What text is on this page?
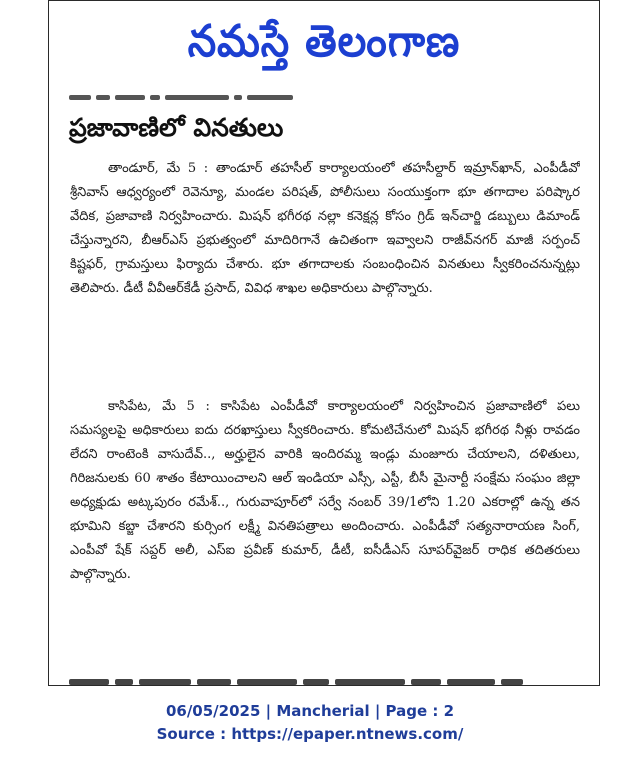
నమస్తే తెలంగాణ
ప్రజావాణిలో వినతులు

తాండూర్, మే 5 : తాండూర్ తహసీల్ కార్యాలయంలో తహసీల్దార్ ఇమ్రాన్‌ఖాన్, ఎంపీడీవో శ్రీనివాస్ ఆధ్వర్యంలో రెవెన్యూ, మండల పరిషత్, పోలీసులు సంయుక్తంగా భూ తగాదాల పరిష్కార వేదిక, ప్రజావాణి నిర్వహించారు. మిషన్ భగీరథ నల్లా కనెక్షన్ల కోసం గ్రిడ్ ఇన్‌చార్జి డబ్బులు డిమాండ్ చేస్తున్నారని, బీఆర్‌ఎస్ ప్రభుత్వంలో మాదిరిగానే ఉచితంగా ఇవ్వాలని రాజీవ్‌నగర్ మాజీ సర్పంచ్ కిష్టఫర్, గ్రామస్తులు ఫిర్యాదు చేశారు. భూ తగాదాలకు సంబంధించిన వినతులు స్వీకరించనున్నట్లు తెలిపారు. డీటీ వీవీఆర్‌కేడీ ప్రసాద్, వివిధ శాఖల అధికారులు పాల్గొన్నారు.

కాసిపేట, మే 5 : కాసిపేట ఎంపీడీవో కార్యాలయంలో నిర్వహించిన ప్రజావాణిలో పలు సమస్యలపై అధికారులు ఐదు దరఖాస్తులు స్వీకరించారు. కోమటిచేనులో మిషన్ భగీరథ నీళ్లు రావడం లేదని రాంటెంకి వాసుదేవ్.., అర్హులైన వారికి ఇందిరమ్మ ఇండ్లు మంజూరు చేయాలని, దళితులు, గిరిజనులకు 60 శాతం కేటాయించాలని ఆల్ ఇండియా ఎస్సీ, ఎస్టీ, బీసీ మైనార్టీ సంక్షేమ సంఘం జిల్లా అధ్యక్షుడు అట్కపురం రమేశ్.., గురువాపూర్‌లో సర్వే నంబర్ 39/1లోని 1.20 ఎకరాల్లో ఉన్న తన భూమిని కబ్జా చేశారని కుర్సింగ లక్ష్మీ వినతిపత్రాలు అందించారు. ఎంపీడీవో సత్యనారాయణ సింగ్, ఎంపీవో షేక్ సప్దర్ అలీ, ఎస్‌ఐ ప్రవీణ్ కుమార్, డీటీ, ఐసీడీఎస్ సూపర్‌వైజర్ రాధిక తదితరులు పాల్గొన్నారు.

06/05/2025 | Mancherial | Page : 2
Source : https://epaper.ntnews.com/
